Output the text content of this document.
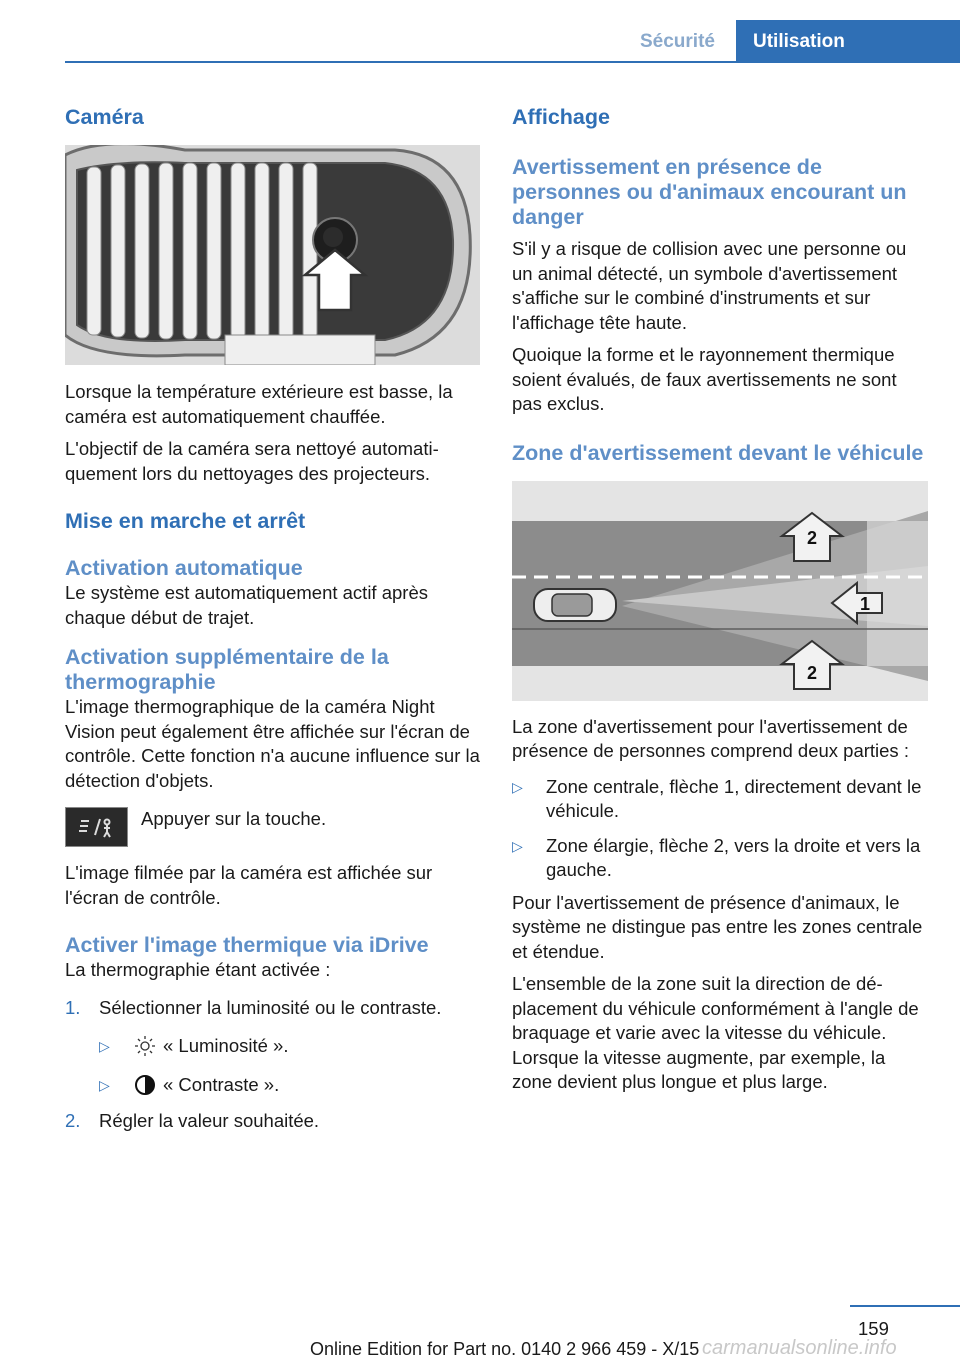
Sécurité Utilisation
Caméra

Lorsque la température extérieure est basse, la caméra est automatiquement chauffée.

L'objectif de la caméra sera nettoyé automatiquement lors du nettoyages des projecteurs.

Mise en marche et arrêt
Activation automatique

Le système est automatiquement actif après chaque début de trajet.

Activation supplémentaire de la thermographie

L'image thermographique de la caméra Night Vision peut également être affichée sur l'écran de contrôle. Cette fonction n'a aucune influence sur la détection d'objets.

Appuyer sur la touche.

L'image filmée par la caméra est affichée sur l'écran de contrôle.

Activer l'image thermique via iDrive

La thermographie étant activée :

1. Sélectionner la luminosité ou le contraste.
▷	« Luminosité ».
▷	« Contraste ».
2. Régler la valeur souhaitée.
Affichage
Avertissement en présence de personnes ou d'animaux encourant un danger

S'il y a risque de collision avec une personne ou un animal détecté, un symbole d'avertissement s'affiche sur le combiné d'instruments et sur l'affichage tête haute.

Quoique la forme et le rayonnement thermique soient évalués, de faux avertissements ne sont pas exclus.

Zone d'avertissement devant le véhicule
2
1
2

La zone d'avertissement pour l'avertissement de présence de personnes comprend deux parties :

▷ Zone centrale, flèche 1, directement devant le véhicule.
▷ Zone élargie, flèche 2, vers la droite et vers la gauche.

Pour l'avertissement de présence d'animaux, le système ne distingue pas entre les zones centrale et étendue.

L'ensemble de la zone suit la direction de déplacement du véhicule conformément à l'angle de braquage et varie avec la vitesse du véhicule. Lorsque la vitesse augmente, par exemple, la zone devient plus longue et plus large.

159
Online Edition for Part no. 0140 2 966 459 - X/15 carmanualsonline.info
